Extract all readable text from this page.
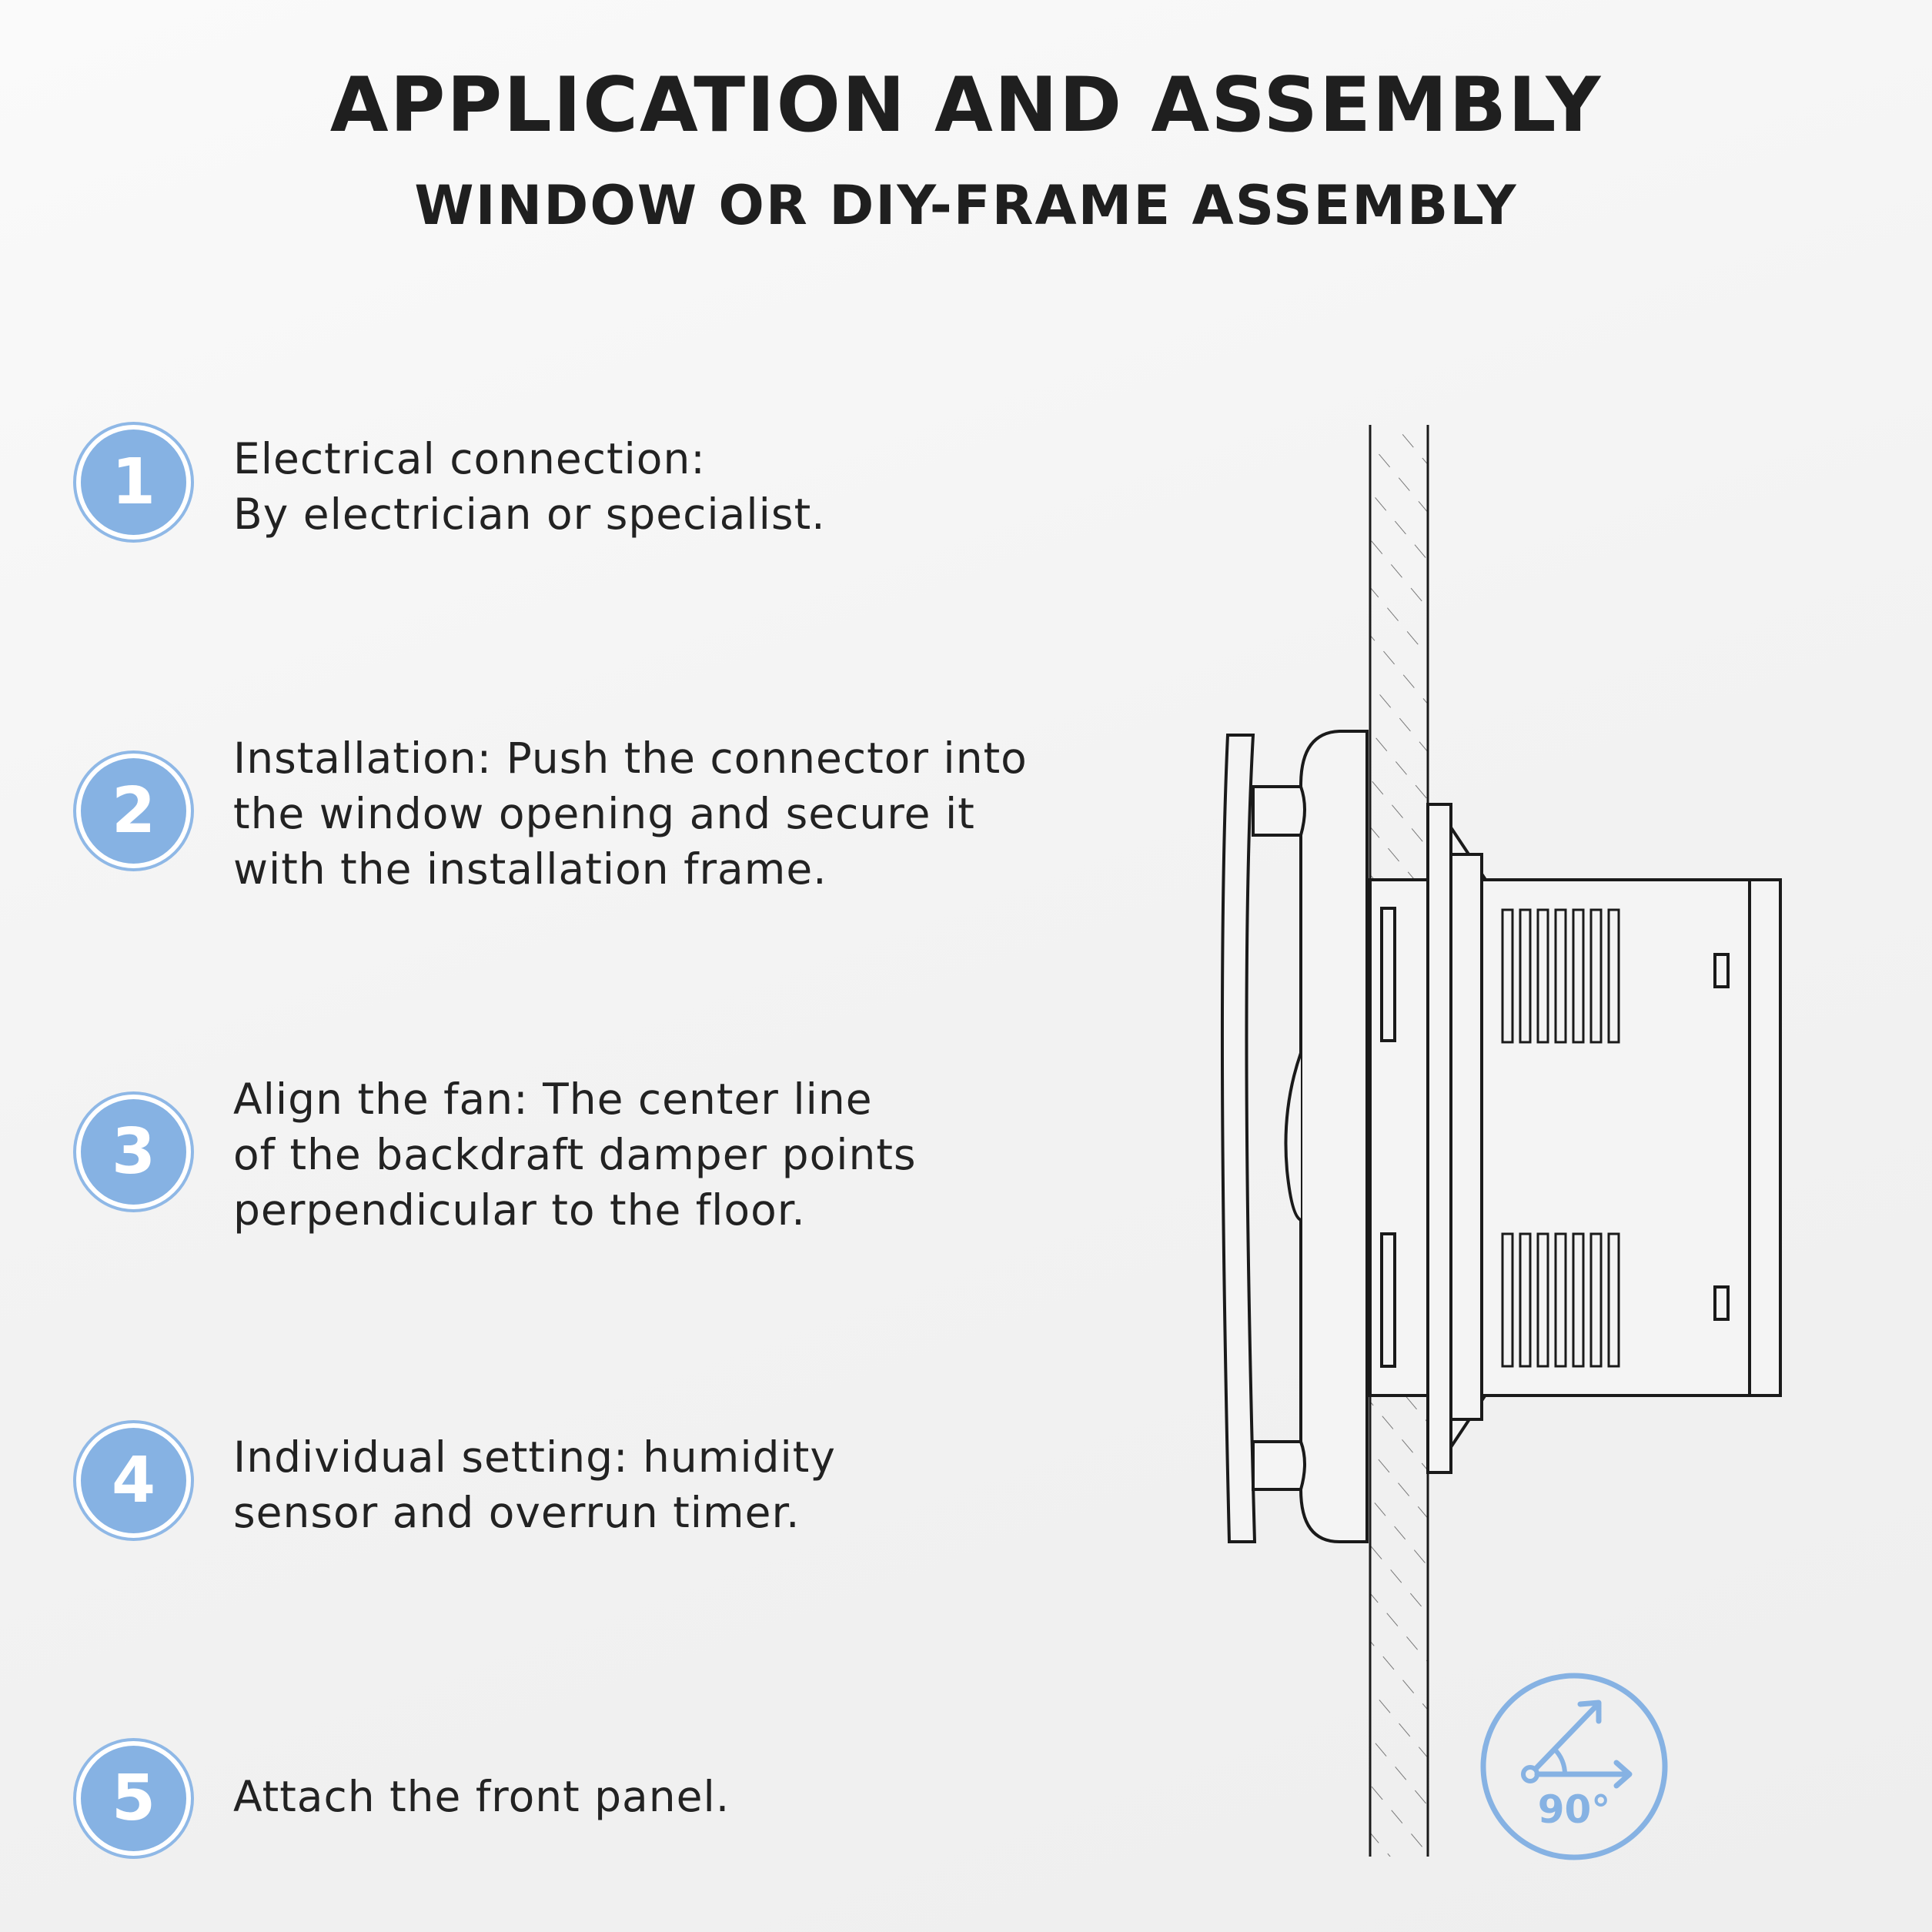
APPLICATION AND ASSEMBLY
WINDOW OR DIY-FRAME ASSEMBLY
1	Electrical connection:
By electrician or specialist.
2
Installation: Push the connector into
the window opening and secure it
with the installation frame.
3
Align the fan: The center line
of the backdraft damper points
perpendicular to the floor.
4	Individual setting: humidity
sensor and overrun timer.
5	Attach the front panel.	90°
